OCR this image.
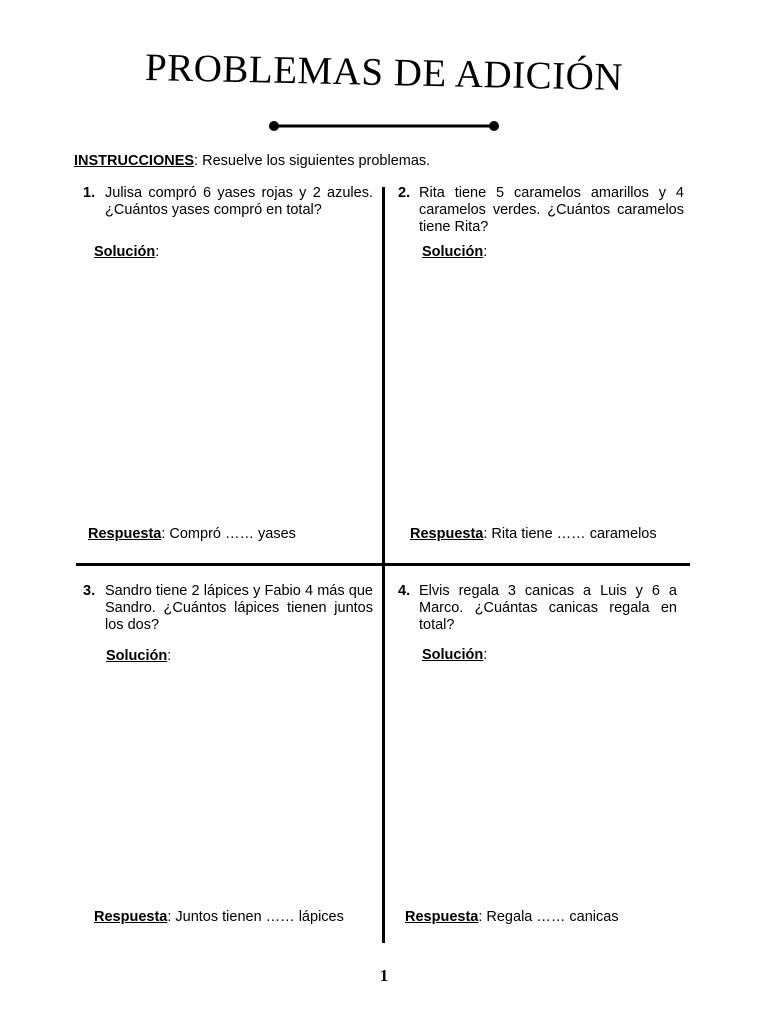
PROBLEMAS DE ADICIÓN
INSTRUCCIONES: Resuelve los siguientes problemas.
1. Julisa compró 6 yases rojas y 2 azules. ¿Cuántos yases compró en total?
Solución:
Respuesta: Compró …… yases
2. Rita tiene 5 caramelos amarillos y 4 caramelos verdes. ¿Cuántos caramelos tiene Rita?
Solución:
Respuesta: Rita tiene …… caramelos
3. Sandro tiene 2 lápices y Fabio 4 más que Sandro. ¿Cuántos lápices tienen juntos los dos?
Solución:
Respuesta: Juntos tienen …… lápices
4. Elvis regala 3 canicas a Luis y 6 a Marco. ¿Cuántas canicas regala en total?
Solución:
Respuesta: Regala …… canicas
1
